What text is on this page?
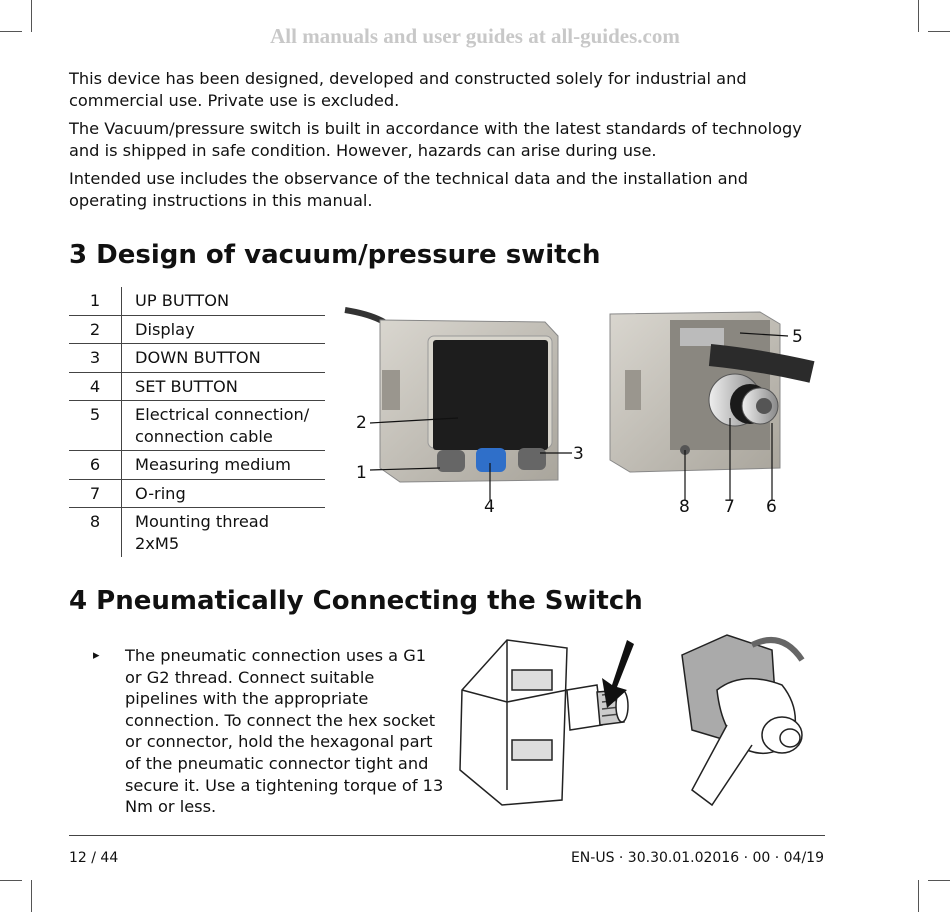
All manuals and user guides at all-guides.com

This device has been designed, developed and constructed solely for industrial and commercial use. Private use is excluded.

The Vacuum/pressure switch is built in accordance with the latest standards of technology and is shipped in safe condition. However, hazards can arise during use.

Intended use includes the observance of the technical data and the installation and operating instructions in this manual.

3 Design of vacuum/pressure switch
1	UP BUTTON
2	Display
3	DOWN BUTTON
4	SET BUTTON
5	Electrical connection/ connection cable
6	Measuring medium
7	O-ring
8	Mounting thread 2xM5
2
1
4
3
5
6
7
8
4 Pneumatically Connecting the Switch
▸ The pneumatic connection uses a G1 or G2 thread. Connect suitable pipelines with the appropriate connection. To connect the hex socket or connector, hold the hexagonal part of the pneumatic connector tight and secure it. Use a tightening torque of 13 Nm or less.

12 / 44	EN-US · 30.30.01.02016 · 00 · 04/19
